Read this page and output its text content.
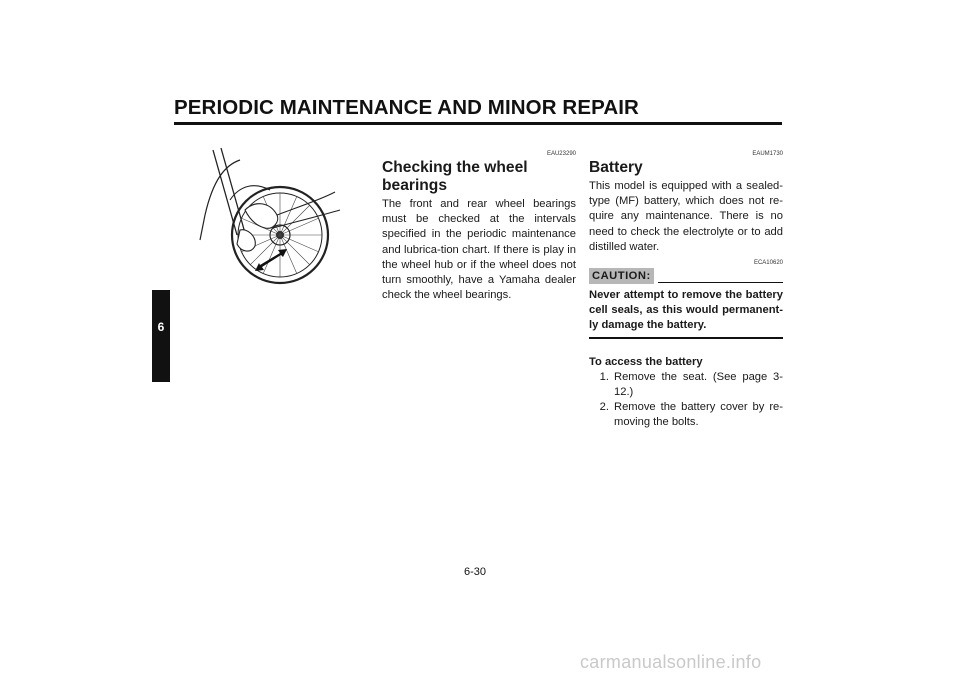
PERIODIC MAINTENANCE AND MINOR REPAIR
6
EAU23290
Checking the wheel bearings

The front and rear wheel bearings must be checked at the intervals specified in the periodic maintenance and lubrica-tion chart. If there is play in the wheel hub or if the wheel does not turn smoothly, have a Yamaha dealer check the wheel bearings.

EAUM1730
Battery

This model is equipped with a sealed-type (MF) battery, which does not re-quire any maintenance. There is no need to check the electrolyte or to add distilled water.

ECA10620
CAUTION:

Never attempt to remove the battery cell seals, as this would permanent-ly damage the battery.

To access the battery

1. Remove the seat. (See page 3-12.)
2. Remove the battery cover by re-moving the bolts.
6-30
carmanualsonline.info
